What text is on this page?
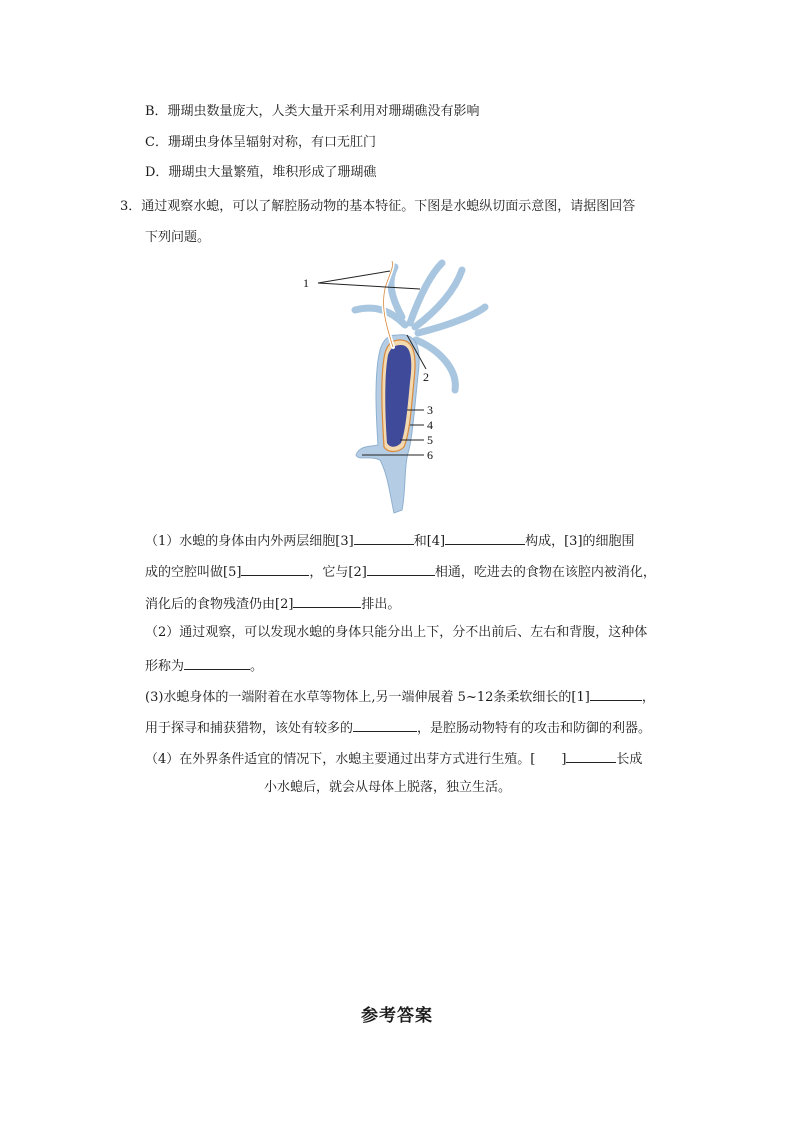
B．珊瑚虫数量庞大，人类大量开采利用对珊瑚礁没有影响
C．珊瑚虫身体呈辐射对称，有口无肛门
D．珊瑚虫大量繁殖，堆积形成了珊瑚礁
3．通过观察水螅，可以了解腔肠动物的基本特征。下图是水螅纵切面示意图，请据图回答
下列问题。
1
2
3
4
5
6
（1）水螅的身体由内外两层细胞[3]	和[4]	构成，[3]的细胞围
成的空腔叫做[5]	，它与[2]	相通，吃进去的食物在该腔内被消化，
消化后的食物残渣仍由[2]	排出。
（2）通过观察，可以发现水螅的身体只能分出上下，分不出前后、左右和背腹，这种体
形称为	。
(3)水螅身体的一端附着在水草等物体上,另一端伸展着 5~12条柔软细长的[1]	，
用于探寻和捕获猎物，该处有较多的	，是腔肠动物特有的攻击和防御的利器。
（4）在外界条件适宜的情况下，水螅主要通过出芽方式进行生殖。[ ]	长成
小水螅后，就会从母体上脱落，独立生活。
参考答案
